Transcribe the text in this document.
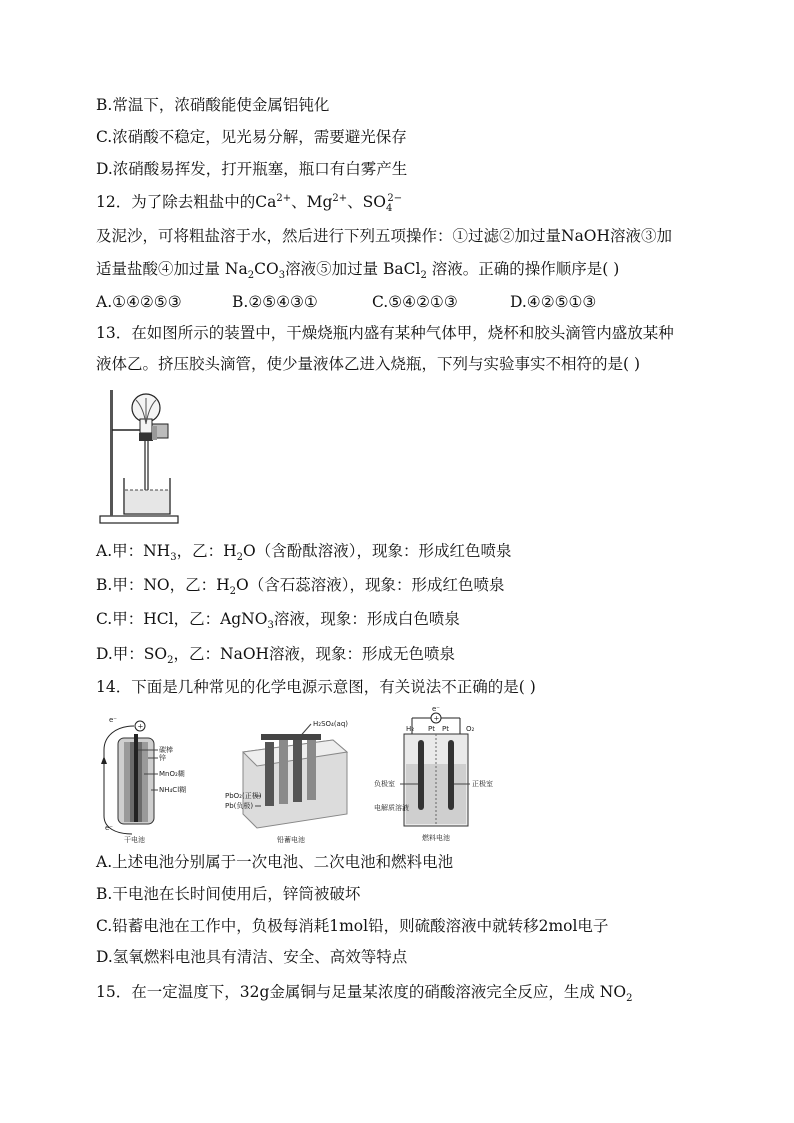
B.常温下，浓硝酸能使金属铝钝化
C.浓硝酸不稳定，见光易分解，需要避光保存
D.浓硝酸易挥发，打开瓶塞，瓶口有白雾产生
12．为了除去粗盐中的$Ca^{2+}$、$Mg^{2+}$、$SO_4^{2-}$
及泥沙，可将粗盐溶于水，然后进行下列五项操作：①过滤②加过量NaOH溶液③加
适量盐酸④加过量 $Na_2CO_3$溶液⑤加过量 BaCl$_2$ 溶液。正确的操作顺序是( )
A.①④②⑤③	B.②⑤④③①	C.⑤④②①③	D.④②⑤①③
13．在如图所示的装置中，干燥烧瓶内盛有某种气体甲，烧杯和胶头滴管内盛放某种
液体乙。挤压胶头滴管，使少量液体乙进入烧瓶，下列与实验事实不相符的是( )
A.甲：$NH_3$，乙：$H_2O$（含酚酞溶液），现象：形成红色喷泉
B.甲：NO，乙：$H_2O$（含石蕊溶液），现象：形成红色喷泉
C.甲：HCl，乙：AgNO$_3$溶液，现象：形成白色喷泉
D.甲：$SO_2$，乙：NaOH溶液，现象：形成无色喷泉
14．下面是几种常见的化学电源示意图，有关说法不正确的是( )
e⁻
+
碳棒
锌
MnO₂糊
NH₄Cl糊
e⁻
干电池
H₂SO₄(aq)
PbO₂(正极)
Pb(负极)
铅蓄电池
e⁻
+
H₂	O₂
Pt Pt
负极室	正极室
电解质溶液
燃料电池
A.上述电池分别属于一次电池、二次电池和燃料电池
B.干电池在长时间使用后，锌筒被破坏
C.铅蓄电池在工作中，负极每消耗1mol铅，则硫酸溶液中就转移2mol电子
D.氢氧燃料电池具有清洁、安全、高效等特点
15．在一定温度下，32g金属铜与足量某浓度的硝酸溶液完全反应，生成 $NO_2$
